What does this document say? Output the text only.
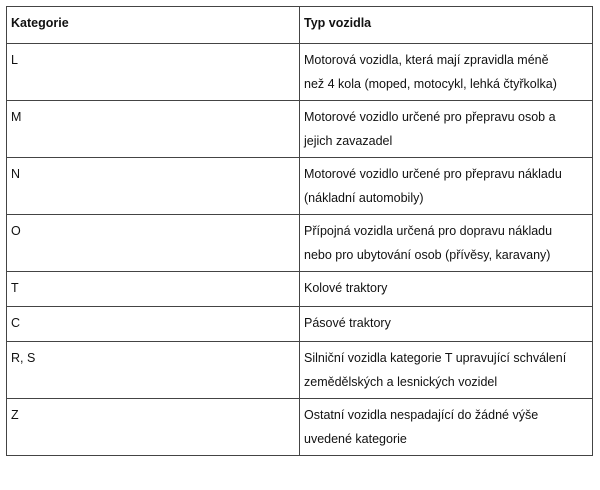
Kategorie	Typ vozidla
L	Motorová vozidla, která mají zpravidla méně než 4 kola (moped, motocykl, lehká čtyřkolka)
M	Motorové vozidlo určené pro přepravu osob a jejich zavazadel
N	Motorové vozidlo určené pro přepravu nákladu (nákladní automobily)
O	Přípojná vozidla určená pro dopravu nákladu nebo pro ubytování osob (přívěsy, karavany)
T	Kolové traktory
C	Pásové traktory
R, S	Silniční vozidla kategorie T upravující schválení zemědělských a lesnických vozidel
Z	Ostatní vozidla nespadající do žádné výše uvedené kategorie
